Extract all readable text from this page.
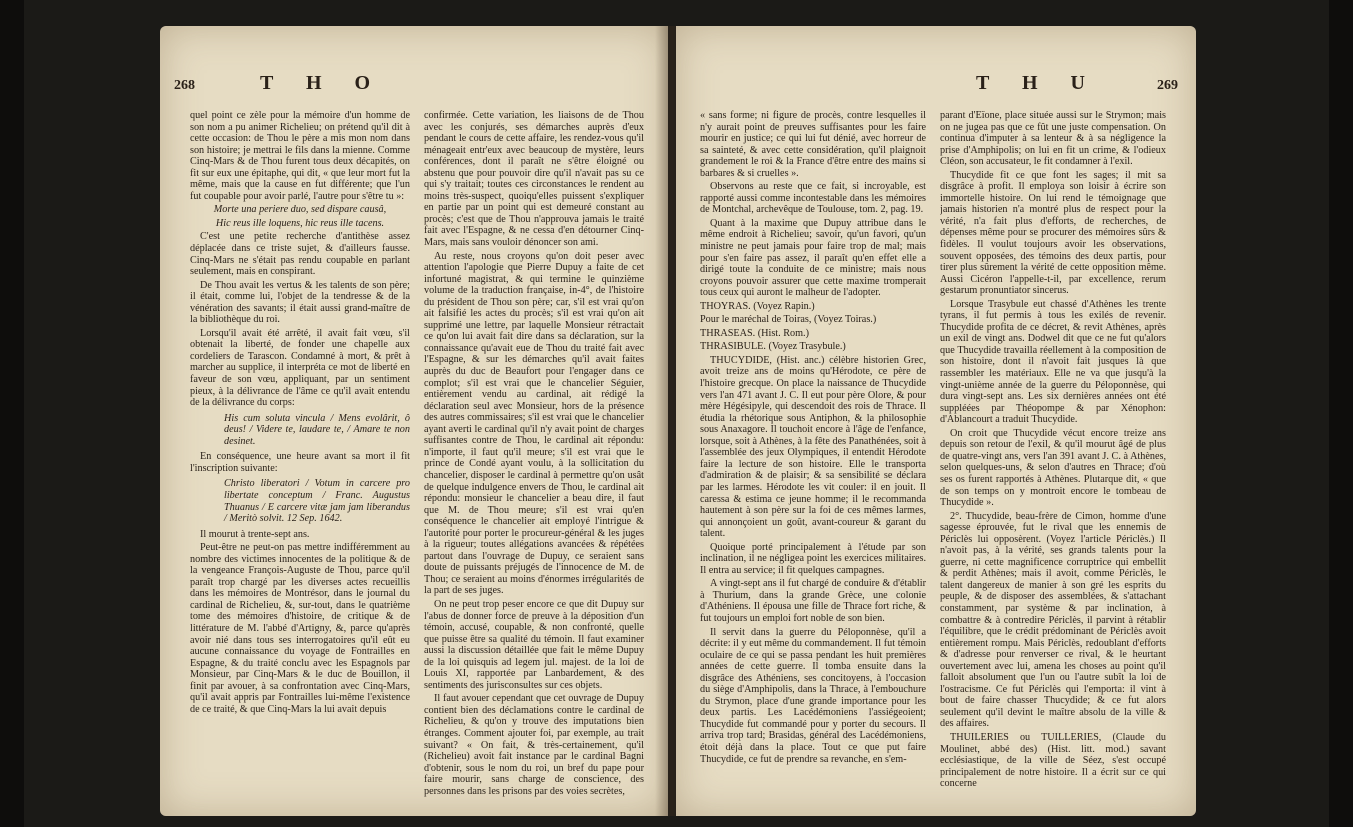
268	T H O

quel point ce zèle pour la mémoire d'un homme de son nom a pu animer Richelieu; on prétend qu'il dit à cette occasion: de Thou le père a mis mon nom dans son histoire; je mettrai le fils dans la mienne. Comme Cinq-Mars & de Thou furent tous deux décapités, on fit sur eux une épitaphe, qui dit, « que leur mort fut la même, mais que la cause en fut différente; que l'un fut coupable pour avoir parlé, l'autre pour s'être tu »:

Morte una periere duo, sed dispare causâ,

Hic reus ille loquens, hic reus ille tacens.

C'est une petite recherche d'antithèse assez déplacée dans ce triste sujet, & d'ailleurs fausse. Cinq-Mars ne s'était pas rendu coupable en parlant seulement, mais en conspirant.

De Thou avait les vertus & les talents de son père; il était, comme lui, l'objet de la tendresse & de la vénération des savants; il était aussi grand-maître de la bibliothèque du roi.

Lorsqu'il avait été arrêté, il avait fait vœu, s'il obtenait la liberté, de fonder une chapelle aux cordeliers de Tarascon. Condamné à mort, & prêt à marcher au supplice, il interpréta ce mot de liberté en faveur de son vœu, appliquant, par un sentiment pieux, à la délivrance de l'âme ce qu'il avait entendu de la délivrance du corps:

His cum soluta vincula / Mens evolârit, ô deus! / Videre te, laudare te, / Amare te non desinet.

En conséquence, une heure avant sa mort il fit l'inscription suivante:

Christo liberatori / Votum in carcere pro libertate conceptum / Franc. Augustus Thuanus / E carcere vitæ jam jam liberandus / Meritò solvit. 12 Sep. 1642.

Il mourut à trente-sept ans.

Peut-être ne peut-on pas mettre indifféremment au nombre des victimes innocentes de la politique & de la vengeance François-Auguste de Thou, parce qu'il paraît trop chargé par les diverses actes recueillis dans les mémoires de Montrésor, dans le journal du cardinal de Richelieu, &, sur-tout, dans le quatrième tome des mémoires d'histoire, de critique & de littérature de M. l'abbé d'Artigny, &, parce qu'après avoir nié dans tous ses interrogatoires qu'il eût eu aucune connaissance du voyage de Fontrailles en Espagne, & du traité conclu avec les Espagnols par Monsieur, par Cinq-Mars & le duc de Bouillon, il finit par avouer, à sa confrontation avec Cinq-Mars, qu'il avait appris par Fontrailles lui-même l'existence de ce traité, & que Cinq-Mars la lui avait depuis

confirmée. Cette variation, les liaisons de de Thou avec les conjurés, ses démarches auprès d'eux pendant le cours de cette affaire, les rendez-vous qu'il ménageait entr'eux avec beaucoup de mystère, leurs conférences, dont il paraît ne s'être éloigné ou abstenu que pour pouvoir dire qu'il n'avait pas su ce qui s'y traitait; toutes ces circonstances le rendent au moins très-suspect, quoiqu'elles puissent s'expliquer en partie par un point qui est demeuré constant au procès; c'est que de Thou n'approuva jamais le traité fait avec l'Espagne, & ne cessa d'en détourner Cinq-Mars, mais sans vouloir dénoncer son ami.

Au reste, nous croyons qu'on doit peser avec attention l'apologie que Pierre Dupuy a faite de cet infortuné magistrat, & qui termine le quinzième volume de la traduction française, in-4°, de l'histoire du président de Thou son père; car, s'il est vrai qu'on ait falsifié les actes du procès; s'il est vrai qu'on ait supprimé une lettre, par laquelle Monsieur rétractait ce qu'on lui avait fait dire dans sa déclaration, sur la connaissance qu'avait eue de Thou du traité fait avec l'Espagne, & sur les démarches qu'il avait faites auprès du duc de Beaufort pour l'engager dans ce complot; s'il est vrai que le chancelier Séguier, entièrement vendu au cardinal, ait rédigé la déclaration seul avec Monsieur, hors de la présence des autres commissaires; s'il est vrai que le chancelier ayant averti le cardinal qu'il n'y avait point de charges suffisantes contre de Thou, le cardinal ait répondu: n'importe, il faut qu'il meure; s'il est vrai que le prince de Condé ayant voulu, à la sollicitation du chancelier, disposer le cardinal à permettre qu'on usât de quelque indulgence envers de Thou, le cardinal ait répondu: monsieur le chancelier a beau dire, il faut que M. de Thou meure; s'il est vrai qu'en conséquence le chancelier ait employé l'intrigue & l'autorité pour porter le procureur-général & les juges à la rigueur; toutes allégations avancées & répétées partout dans l'ouvrage de Dupuy, ce seraient sans doute de puissants préjugés de l'innocence de M. de Thou; ce seraient au moins d'énormes irrégularités de la part de ses juges.

On ne peut trop peser encore ce que dit Dupuy sur l'abus de donner force de preuve à la déposition d'un témoin, accusé, coupable, & non confronté, quelle que puisse être sa qualité du témoin. Il faut examiner aussi la discussion détaillée que fait le même Dupuy de la loi quisquis ad legem jul. majest. de la loi de Louis XI, rapportée par Lanbardement, & des sentiments des jurisconsultes sur ces objets.

Il faut avouer cependant que cet ouvrage de Dupuy contient bien des déclamations contre le cardinal de Richelieu, & qu'on y trouve des imputations bien étranges. Comment ajouter foi, par exemple, au trait suivant? « On fait, & très-certainement, qu'il (Richelieu) avoit fait instance par le cardinal Bagni d'obtenir, sous le nom du roi, un bref du pape pour faire mourir, sans charge de conscience, des personnes dans les prisons par des voies secrètes,

T H U	269

« sans forme; ni figure de procès, contre lesquelles il n'y aurait point de preuves suffisantes pour les faire mourir en justice; ce qui lui fut dénié, avec horreur de sa sainteté, & avec cette considération, qu'il plaignoit grandement le roi & la France d'être entre des mains si barbares & si cruelles ».

Observons au reste que ce fait, si incroyable, est rapporté aussi comme incontestable dans les mémoires de Montchal, archevêque de Toulouse, tom. 2, pag. 19.

Quant à la maxime que Dupuy attribue dans le même endroit à Richelieu; savoir, qu'un favori, qu'un ministre ne peut jamais pour faire trop de mal; mais pour s'en faire pas assez, il paraît qu'en effet elle a dirigé toute la conduite de ce ministre; mais nous croyons pouvoir assurer que cette maxime tromperait tous ceux qui auront le malheur de l'adopter.

THOYRAS. (Voyez Rapin.)

Pour le maréchal de Toiras, (Voyez Toiras.)

THRASEAS. (Hist. Rom.)

THRASIBULE. (Voyez Trasybule.)

THUCYDIDE, (Hist. anc.) célèbre historien Grec, avoit treize ans de moins qu'Hérodote, ce père de l'histoire grecque. On place la naissance de Thucydide vers l'an 471 avant J. C. Il eut pour père Olore, & pour mère Hégésipyle, qui descendoit des rois de Thrace. Il étudia la rhétorique sous Antiphon, & la philosophie sous Anaxagore. Il touchoit encore à l'âge de l'enfance, lorsque, soit à Athènes, à la fête des Panathénées, soit à l'assemblée des jeux Olympiques, il entendit Hérodote faire la lecture de son histoire. Elle le transporta d'admiration & de plaisir; & sa sensibilité se déclara par les larmes. Hérodote les vit couler: il en jouit. Il caressa & estima ce jeune homme; il le recommanda hautement à son père sur la foi de ces mêmes larmes, qui annonçoient un goût, avant-coureur & garant du talent.

Quoique porté principalement à l'étude par son inclination, il ne négligea point les exercices militaires. Il entra au service; il fit quelques campagnes.

A vingt-sept ans il fut chargé de conduire & d'établir à Thurium, dans la grande Grèce, une colonie d'Athéniens. Il épousa une fille de Thrace fort riche, & fut toujours un emploi fort noble de son bien.

Il servit dans la guerre du Péloponnèse, qu'il a décrite: il y eut même du commandement. Il fut témoin oculaire de ce qui se passa pendant les huit premières années de cette guerre. Il tomba ensuite dans la disgrâce des Athéniens, ses concitoyens, à l'occasion du siège d'Amphipolis, dans la Thrace, à l'embouchure du Strymon, place d'une grande importance pour les deux partis. Les Lacédémoniens l'assiégeoient; Thucydide fut commandé pour y porter du secours. Il arriva trop tard; Brasidas, général des Lacédémoniens, étoit déjà dans la place. Tout ce que put faire Thucydide, ce fut de prendre sa revanche, en s'em-

parant d'Eïone, place située aussi sur le Strymon; mais on ne jugea pas que ce fût une juste compensation. On continua d'imputer à sa lenteur & à sa négligence la prise d'Amphipolis; on lui en fit un crime, & l'odieux Cléon, son accusateur, le fit condamner à l'exil.

Thucydide fit ce que font les sages; il mit sa disgrâce à profit. Il employa son loisir à écrire son immortelle histoire. On lui rend le témoignage que jamais historien n'a montré plus de respect pour la vérité, n'a fait plus d'efforts, de recherches, de dépenses même pour se procurer des mémoires sûrs & fidèles. Il voulut toujours avoir les observations, souvent opposées, des témoins des deux partis, pour tirer plus sûrement la vérité de cette opposition même. Aussi Cicéron l'appelle-t-il, par excellence, rerum gestarum pronuntiator sincerus.

Lorsque Trasybule eut chassé d'Athènes les trente tyrans, il fut permis à tous les exilés de revenir. Thucydide profita de ce décret, & revit Athènes, après un exil de vingt ans. Dodwel dit que ce ne fut qu'alors que Thucydide travailla réellement à la composition de son histoire, dont il n'avoit fait jusques là que rassembler les matériaux. Elle ne va que jusqu'à la vingt-unième année de la guerre du Péloponnèse, qui dura vingt-sept ans. Les six dernières années ont été suppléées par Théopompe & par Xénophon: d'Ablancourt a traduit Thucydide.

On croit que Thucydide vécut encore treize ans depuis son retour de l'exil, & qu'il mourut âgé de plus de quatre-vingt ans, vers l'an 391 avant J. C. à Athènes, selon quelques-uns, & selon d'autres en Thrace; d'où ses os furent rapportés à Athènes. Plutarque dit, « que de son temps on y montroit encore le tombeau de Thucydide ».

2°. Thucydide, beau-frère de Cimon, homme d'une sagesse éprouvée, fut le rival que les ennemis de Périclès lui opposèrent. (Voyez l'article Périclès.) Il n'avoit pas, à la vérité, ses grands talents pour la guerre, ni cette magnificence corruptrice qui embellit & perdit Athènes; mais il avoit, comme Périclès, le talent dangereux de manier à son gré les esprits du peuple, & de disposer des assemblées, & s'attachant constamment, par système & par inclination, à combattre & à contredire Périclès, il parvint à rétablir l'équilibre, que le crédit prédominant de Périclès avoit entièrement rompu. Mais Périclès, redoublant d'efforts & d'adresse pour renverser ce rival, & le heurtant ouvertement avec lui, amena les choses au point qu'il falloit absolument que l'un ou l'autre subît la loi de l'ostracisme. Ce fut Périclès qui l'emporta: il vint à bout de faire chasser Thucydide; & ce fut alors seulement qu'il devint le maître absolu de la ville & des affaires.

THUILERIES ou TUILLERIES, (Claude du Moulinet, abbé des) (Hist. litt. mod.) savant ecclésiastique, de la ville de Séez, s'est occupé principalement de notre histoire. Il a écrit sur ce qui concerne
